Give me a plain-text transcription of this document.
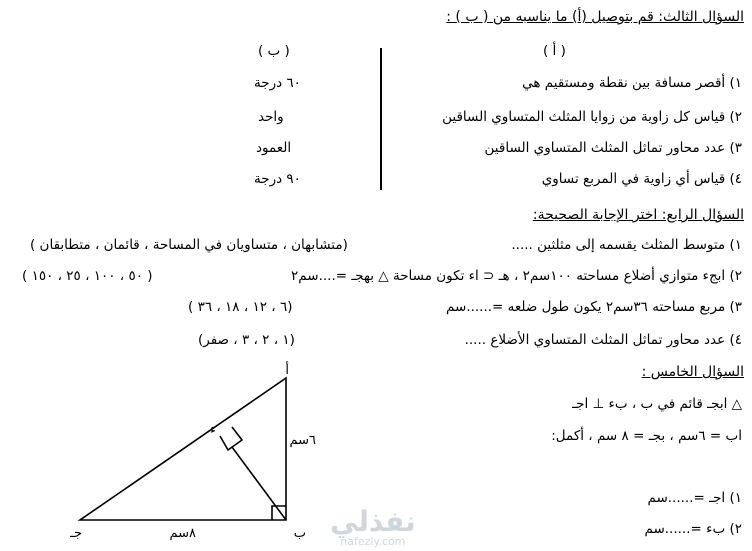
السؤال الثالث: قم بتوصيل (أ) ما يناسبه من ( ب ) :
( أ )
( ب )
١) أقصر مسافة بين نقطة ومستقيم هي
٦٠ درجة
٢) قياس كل زاوية من زوايا المثلث المتساوي الساقين
واحد
٣) عدد محاور تماثل المثلث المتساوي الساقين
العمود
٤) قياس أي زاوية في المربع تساوي
٩٠ درجة
السؤال الرابع: اختر الإجابة الصحيحة:
١) متوسط المثلث يقسمه إلى مثلثين .....
(متشابهان ، متساويان في المساحة ، قائمان ، متطابقان )
٢) ابجء متوازي أضلاع مساحته ١٠٠سم٢ ، هـ ⊂ اء تكون مساحة △ بهجـ =....سم٢
( ٥٠ ، ١٠٠ ، ٢٥ ، ١٥٠ )
٣) مربع مساحته ٣٦سم٢ يكون طول ضلعه =......سم
(٦ ، ١٢ ، ١٨ ، ٣٦ )
٤) عدد محاور تماثل المثلث المتساوي الأضلاع .....
(١ ، ٢ ، ٣ ، صفر)
السؤال الخامس :
△ ابجـ قائم في ب ، بء ⊥ اجـ
اب = ٦سم ، بجـ = ٨ سم ، أكمل:
١) اجـ =......سم
٢) بء =......سم
أ
ب
جـ
ء
٦سم
٨سم	نفذلي
nafezly.com
